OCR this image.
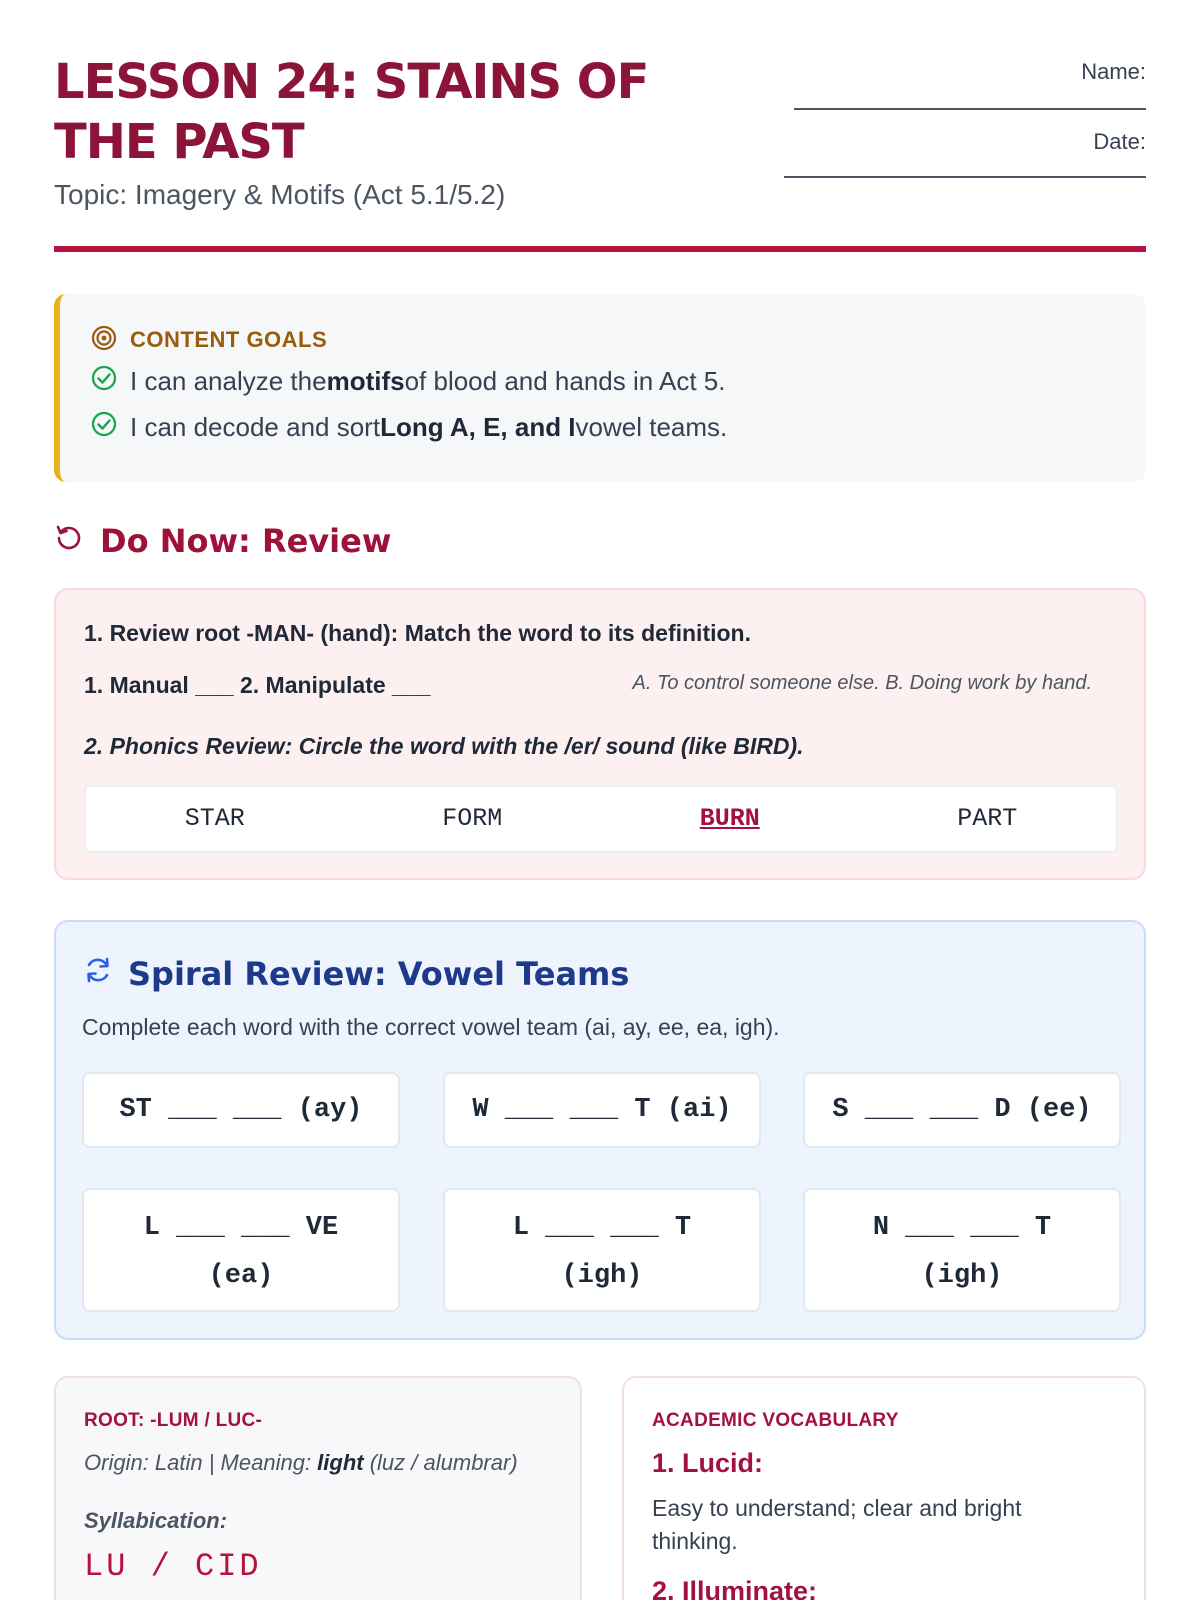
LESSON 24: STAINS OF THE PAST
Topic: Imagery & Motifs (Act 5.1/5.2)
Name:
Date:
CONTENT GOALS
I can analyze the motifs of blood and hands in Act 5.
I can decode and sort Long A, E, and I vowel teams.
Do Now: Review
1. Review root -MAN- (hand): Match the word to its definition.
1. Manual ___ 2. Manipulate ___	A. To control someone else. B. Doing work by hand.
2. Phonics Review: Circle the word with the /er/ sound (like BIRD).
STAR	FORM	BURN	PART
Spiral Review: Vowel Teams
Complete each word with the correct vowel team (ai, ay, ee, ea, igh).
ST ___ ___ (ay)	W ___ ___ T (ai)	S ___ ___ D (ee)
L ___ ___ VE
(ea)
L ___ ___ T
(igh)
N ___ ___ T
(igh)
ROOT: -LUM / LUC-
Origin: Latin | Meaning: light (luz / alumbrar)
Syllabication:
LU / CID
ACADEMIC VOCABULARY
1. Lucid:
Easy to understand; clear and bright thinking.
2. Illuminate:
